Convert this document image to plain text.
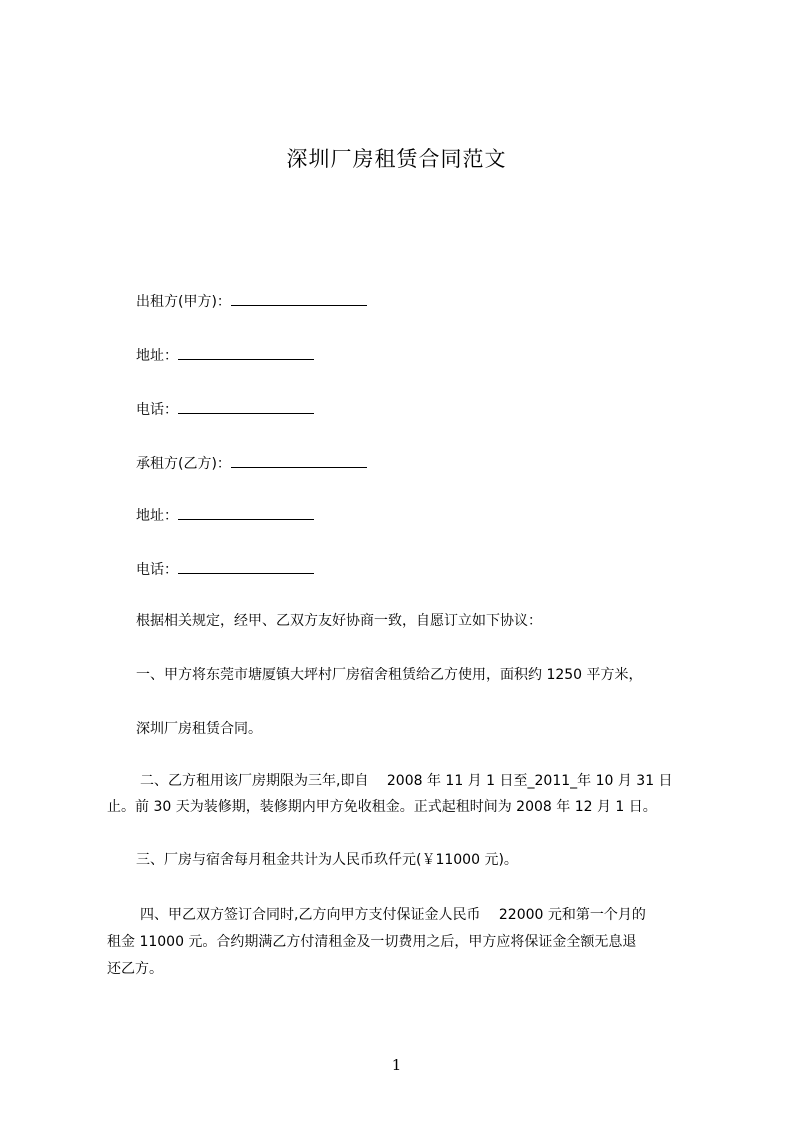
深圳厂房租赁合同范文

出租方(甲方)：

地址：

电话：

承租方(乙方)：

地址：

电话：

根据相关规定，经甲、乙双方友好协商一致，自愿订立如下协议：

一、甲方将东莞市塘厦镇大坪村厂房宿舍租赁给乙方使用，面积约 1250 平方米，

深圳厂房租赁合同。

二、乙方租用该厂房期限为三年,即自　 2008 年 11 月 1 日至_2011_年 10 月 31 日

止。前 30 天为装修期，装修期内甲方免收租金。正式起租时间为 2008 年 12 月 1 日。

三、厂房与宿舍每月租金共计为人民币玖仟元(￥11000 元)。

四、甲乙双方签订合同时,乙方向甲方支付保证金人民币　 22000 元和第一个月的

租金 11000 元。合约期满乙方付清租金及一切费用之后，甲方应将保证金全额无息退

还乙方。

1
